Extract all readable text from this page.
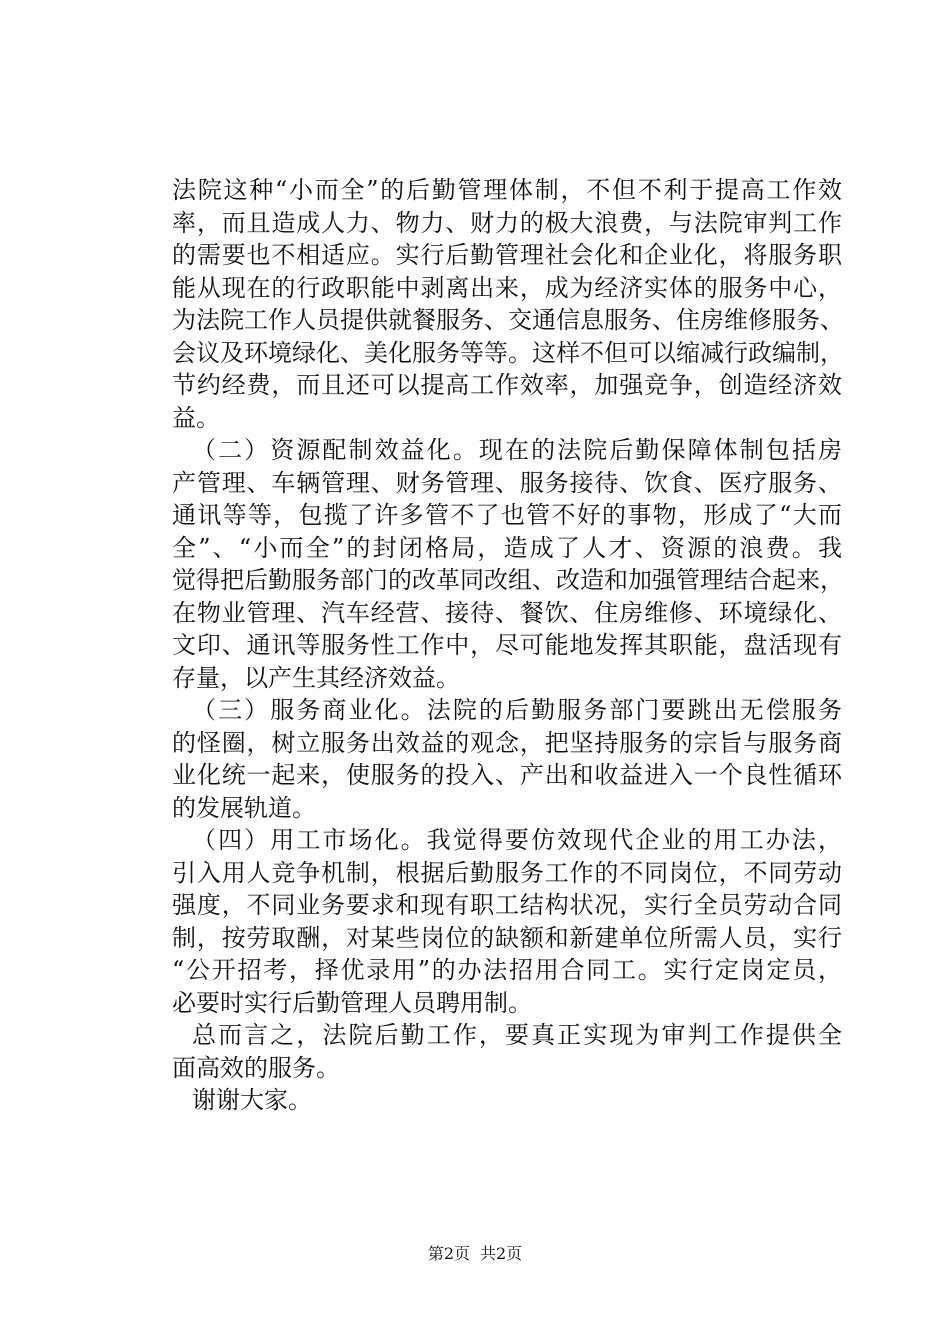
法院这种“小而全”的后勤管理体制，不但不利于提高工作效
率，而且造成人力、物力、财力的极大浪费，与法院审判工作
的需要也不相适应。实行后勤管理社会化和企业化，将服务职
能从现在的行政职能中剥离出来，成为经济实体的服务中心，
为法院工作人员提供就餐服务、交通信息服务、住房维修服务、
会议及环境绿化、美化服务等等。这样不但可以缩减行政编制，
节约经费，而且还可以提高工作效率，加强竞争，创造经济效
益。
（二）资源配制效益化。现在的法院后勤保障体制包括房
产管理、车辆管理、财务管理、服务接待、饮食、医疗服务、
通讯等等，包揽了许多管不了也管不好的事物，形成了“大而
全”、“小而全”的封闭格局，造成了人才、资源的浪费。我
觉得把后勤服务部门的改革同改组、改造和加强管理结合起来，
在物业管理、汽车经营、接待、餐饮、住房维修、环境绿化、
文印、通讯等服务性工作中，尽可能地发挥其职能，盘活现有
存量，以产生其经济效益。
（三）服务商业化。法院的后勤服务部门要跳出无偿服务
的怪圈，树立服务出效益的观念，把坚持服务的宗旨与服务商
业化统一起来，使服务的投入、产出和收益进入一个良性循环
的发展轨道。
（四）用工市场化。我觉得要仿效现代企业的用工办法，
引入用人竞争机制，根据后勤服务工作的不同岗位，不同劳动
强度，不同业务要求和现有职工结构状况，实行全员劳动合同
制，按劳取酬，对某些岗位的缺额和新建单位所需人员，实行
“公开招考，择优录用”的办法招用合同工。实行定岗定员，
必要时实行后勤管理人员聘用制。
总而言之，法院后勤工作，要真正实现为审判工作提供全
面高效的服务。
谢谢大家。
第2页 共2页
